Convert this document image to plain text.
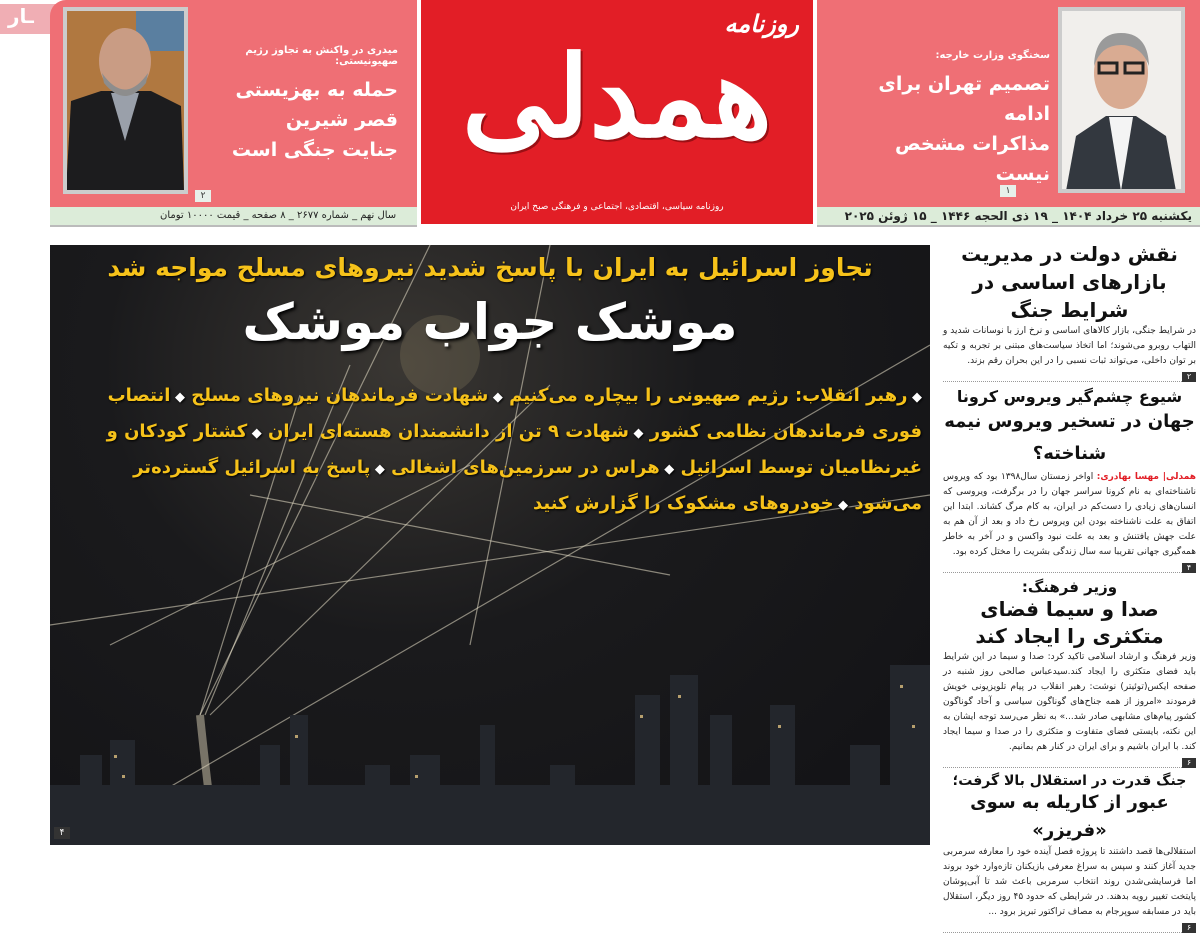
ـار
سخنگوی وزارت خارجه:
تصمیم تهران برای ادامه
مذاکرات مشخص نیست
۱
میدری در واکنش به تجاوز رژیم صهیونیستی:
حمله به بهزیستی قصر شیرین
جنایت جنگی است
۲
یکشنبه ۲۵ خرداد ۱۴۰۴ _ ۱۹ ذی الحجه ۱۴۴۶ _ ۱۵ ژوئن ۲۰۲۵
سال نهم _ شماره ۲۶۷۷ _ ۸ صفحه _ قیمت ۱۰۰۰۰ تومان
روزنامه
همدلی
روزنامه سیاسی، اقتصادی، اجتماعی و فرهنگی صبح ایران
تجاوز اسرائیل به ایران با پاسخ شدید نیروهای مسلح مواجه شد
موشک جواب موشک
◆ رهبر انقلاب: رژیم صهیونی را بیچاره می‌کنیم ◆ شهادت فرماندهان نیروهای مسلح ◆ انتصاب فوری فرماندهان نظامی کشور ◆ شهادت ۹ تن از دانشمندان هسته‌ای ایران ◆ کشتار کودکان و غیرنظامیان توسط اسرائیل ◆ هراس در سرزمین‌های اشغالی ◆ پاسخ به اسرائیل گسترده‌تر می‌شود ◆ خودروهای مشکوک را گزارش کنید
۴
نقش دولت در مدیریت بازارهای اساسی در شرایط جنگ
در شرایط جنگی، بازار کالاهای اساسی و نرخ ارز با نوسانات شدید و التهاب روبرو می‌شوند؛ اما اتخاذ سیاست‌های مبتنی بر تجربه و تکیه بر توان داخلی، می‌تواند ثبات نسبی را در این بحران رقم بزند.
۲
شیوع چشم‌گیر ویروس کرونا
جهان در تسخیر ویروس نیمه شناخته؟
همدلی| مهسا بهادری: اواخر زمستان سال۱۳۹۸ بود که ویروس ناشناخته‌ای به نام کرونا سراسر جهان را در برگرفت، ویروسی که انسان‌های زیادی را دست‌کم در ایران، به کام مرگ کشاند. ابتدا این اتفاق به علت ناشناخته بودن این ویروس رخ داد و بعد از آن هم به علت جهش یافتنش و بعد به علت نبود واکسن و در آخر به خاطر همه‌گیری جهانی تقریبا سه سال زندگی بشریت را مختل کرده بود.
۴
وزیر فرهنگ:
صدا و سیما فضای متکثری را ایجاد کند
وزیر فرهنگ و ارشاد اسلامی تاکید کرد: صدا و سیما در این شرایط باید فضای متکثری را ایجاد کند.سیدعباس صالحی روز شنبه در صفحه ایکس(توئیتر) نوشت: رهبر انقلاب در پیام تلویزیونی خویش فرمودند «امروز از همه جناح‌های گوناگون سیاسی و آحاد گوناگون کشور پیام‌های مشابهی صادر شد...» به نظر می‌رسد توجه ایشان به این نکته، بایستی فضای متفاوت و متکثری را در صدا و سیما ایجاد کند. با ایران باشیم و برای ایران در کنار هم بمانیم.
۶
جنگ قدرت در استقلال بالا گرفت؛
عبور از کاریله به سوی «فریزر»
استقلالی‌ها قصد داشتند تا پروژه فصل آینده خود را معارفه سرمربی جدید آغاز کنند و سپس به سراغ معرفی بازیکنان تازه‌وارد خود بروند اما فرسایشی‌شدن روند انتخاب سرمربی باعث شد تا آبی‌پوشان پایتخت تغییر رویه بدهند. در شرایطی که حدود ۴۵ روز دیگر، استقلال باید در مسابقه سوپرجام به مصاف تراکتور تبریز برود ...
۶
